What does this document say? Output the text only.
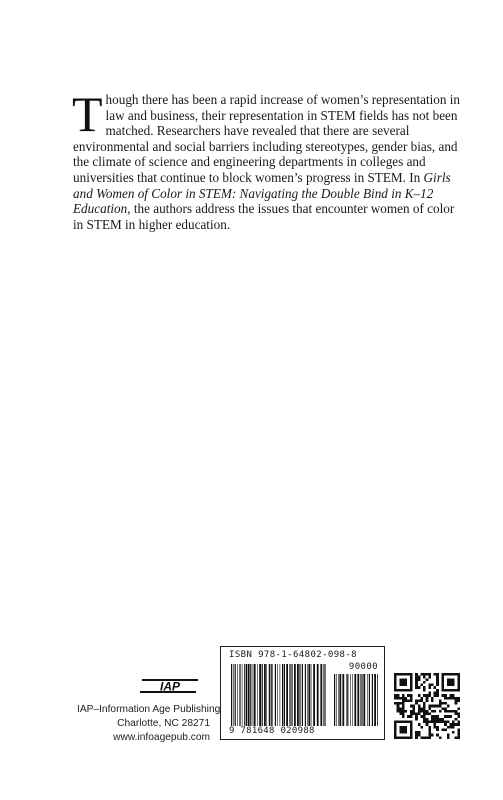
Though there has been a rapid increase of women’s representation in law and business, their representation in STEM fields has not been matched. Researchers have revealed that there are several environmental and social barriers including stereotypes, gender bias, and the climate of science and engineering departments in colleges and universities that continue to block women’s progress in STEM. In Girls and Women of Color in STEM: Navigating the Double Bind in K–12 Education, the authors address the issues that encounter women of color in STEM in higher education.

IAP
IAP–Information Age Publishing
Charlotte, NC 28271
www.infoagepub.com
ISBN 978-1-64802-098-8
90000
9 781648 020988
